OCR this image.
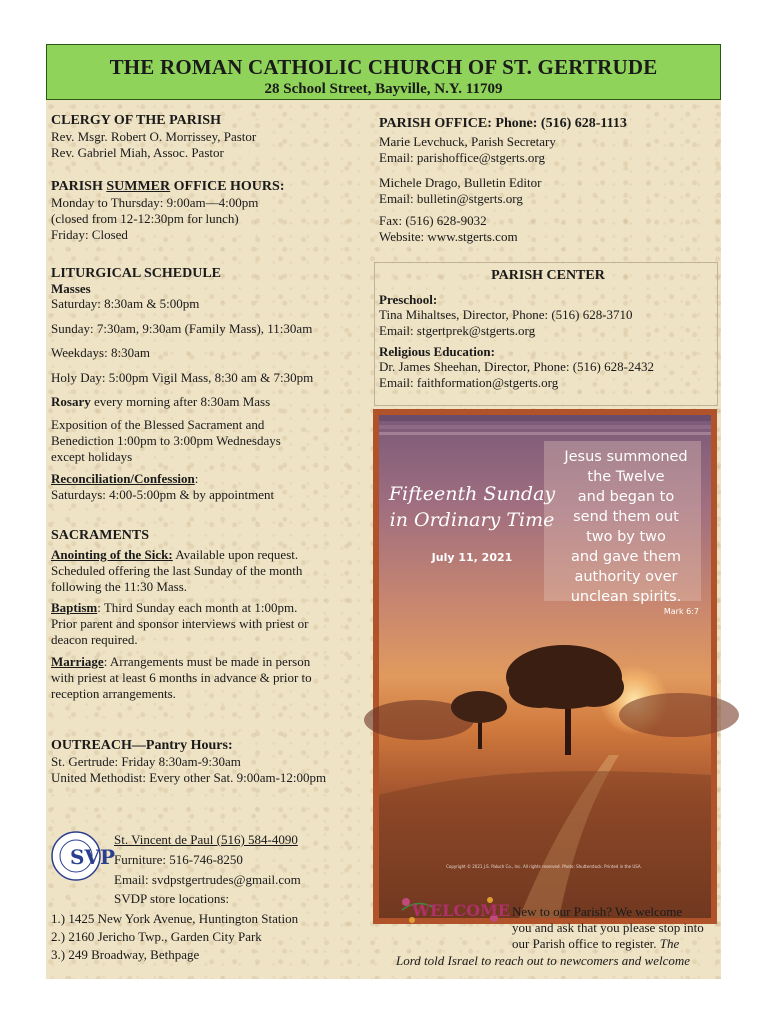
THE ROMAN CATHOLIC CHURCH OF ST. GERTRUDE
28 School Street, Bayville, N.Y. 11709
CLERGY OF THE PARISH
Rev. Msgr. Robert O. Morrissey, Pastor
Rev. Gabriel Miah, Assoc. Pastor
PARISH SUMMER OFFICE HOURS:
Monday to Thursday: 9:00am—4:00pm
(closed from 12-12:30pm for lunch)
Friday: Closed
LITURGICAL SCHEDULE
Masses
Saturday: 8:30am & 5:00pm
Sunday: 7:30am, 9:30am (Family Mass), 11:30am
Weekdays: 8:30am
Holy Day: 5:00pm Vigil Mass, 8:30 am & 7:30pm
Rosary every morning after 8:30am Mass
Exposition of the Blessed Sacrament and
Benediction 1:00pm to 3:00pm Wednesdays
except holidays
Reconciliation/Confession:
Saturdays: 4:00-5:00pm & by appointment
SACRAMENTS
Anointing of the Sick: Available upon request.
Scheduled offering the last Sunday of the month
following the 11:30 Mass.
Baptism: Third Sunday each month at 1:00pm.
Prior parent and sponsor interviews with priest or
deacon required.
Marriage: Arrangements must be made in person
with priest at least 6 months in advance & prior to
reception arrangements.
OUTREACH—Pantry Hours:
St. Gertrude: Friday 8:30am-9:30am
United Methodist: Every other Sat. 9:00am-12:00pm
SVP
St. Vincent de Paul (516) 584-4090
Furniture: 516-746-8250
Email: svdpstgertrudes@gmail.com
SVDP store locations:
1.) 1425 New York Avenue, Huntington Station
2.) 2160 Jericho Twp., Garden City Park
3.) 249 Broadway, Bethpage
PARISH OFFICE: Phone: (516) 628-1113
Marie Levchuck, Parish Secretary
Email: parishoffice@stgerts.org
Michele Drago, Bulletin Editor
Email: bulletin@stgerts.org
Fax: (516) 628-9032
Website: www.stgerts.com
PARISH CENTER
Preschool:
Tina Mihaltses, Director, Phone: (516) 628-3710
Email: stgertprek@stgerts.org
Religious Education:
Dr. James Sheehan, Director, Phone: (516) 628-2432
Email: faithformation@stgerts.org
Jesus summoned
the Twelve
and began to
send them out
two by two
and gave them
authority over
unclean spirits.
Mark 6:7
Fifteenth Sunday
in Ordinary Time
July 11, 2021
Copyright © 2021 J.S. Paluch Co., Inc. All rights reserved. Photo: Shutterstock. Printed in the USA.
WELCOME New to our Parish? We welcome
you and ask that you please stop into
our Parish office to register. The
Lord told Israel to reach out to newcomers and welcome
